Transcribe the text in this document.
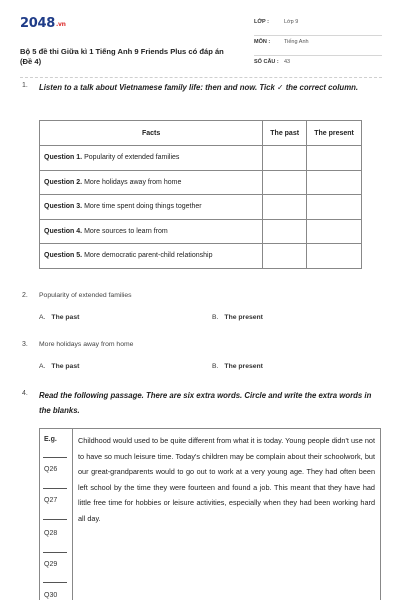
2048.vn
Bộ 5 đề thi Giữa kì 1 Tiếng Anh 9 Friends Plus có đáp án (Đề 4)
LỚP :	Lớp 9
MÔN :	Tiếng Anh
SỐ CÂU : 43
1. Listen to a talk about Vietnamese family life: then and now. Tick ✓ the correct column.
Facts	The past	The present
Question 1. Popularity of extended families		
Question 2. More holidays away from home		
Question 3. More time spent doing things together		
Question 4. More sources to learn from		
Question 5. More democratic parent-child relationship		
2. Popularity of extended families
A. The past	B. The present
3. More holidays away from home
A. The past	B. The present
4. Read the following passage. There are six extra words. Circle and write the extra words in the blanks.
E.g.
Q26
Q27
Q28
Q29
Q30
Childhood would used to be quite different from what it is today. Young people didn't use not to have so much leisure time. Today's children may be complain about their schoolwork, but our great-grandparents would to go out to work at a very young age. They had often been left school by the time they were fourteen and found a job. This meant that they have had little free time for hobbies or leisure activities, especially when they had been working hard all day.
